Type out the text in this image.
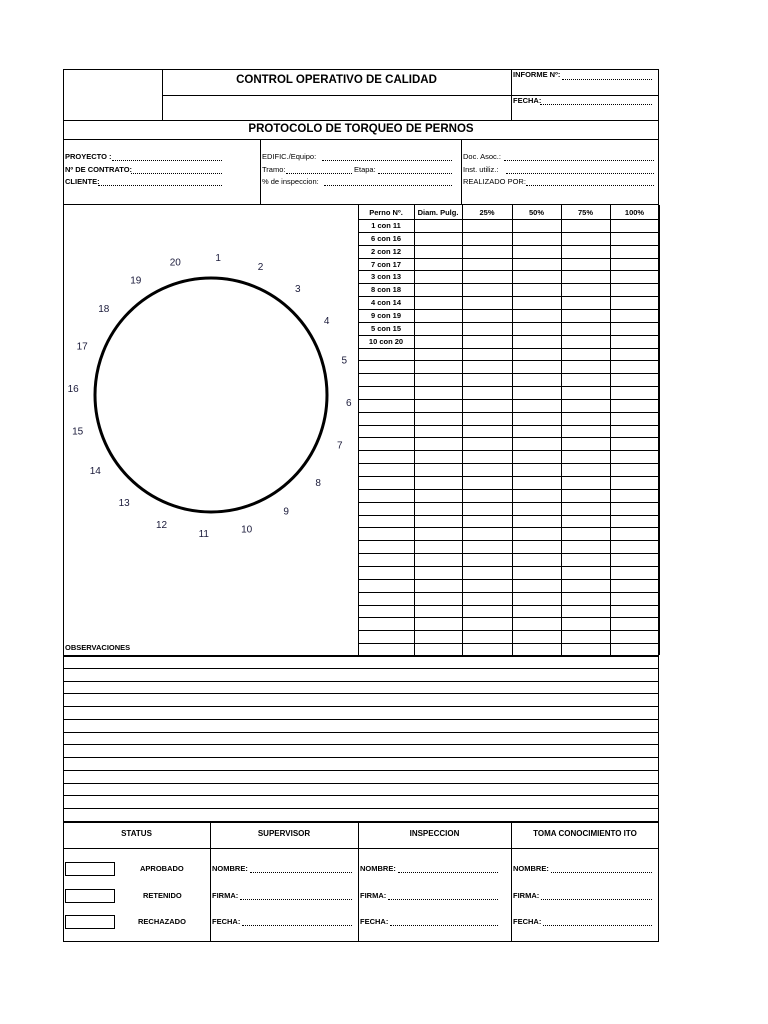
CONTROL OPERATIVO DE CALIDAD	INFORME Nº:
FECHA:
PROTOCOLO DE TORQUEO DE PERNOS
PROYECTO :
Nº DE CONTRATO:
CLIENTE:
EDIFIC./Equipo:
Tramo:	Etapa:
% de inspeccion:
Doc. Asoc.:
Inst. utiliz.:
REALIZADO POR:
1
2
3
4
5
6
7
8
9
10
11
12
13
14
15
16
17
18
19
20
Perno Nº.	Diam. Pulg.	25%	50%	75%	100%
1 con 11
6 con 16
2 con 12
7 con 17
3 con 13
8 con 18
4 con 14
9 con 19
5 con 15
10 con 20
OBSERVACIONES
STATUS	SUPERVISOR	INSPECCION	TOMA CONOCIMIENTO ITO
APROBADO
RETENIDO
RECHAZADO
NOMBRE:
FIRMA:
FECHA:
NOMBRE:
FIRMA:
FECHA:
NOMBRE:
FIRMA:
FECHA:
